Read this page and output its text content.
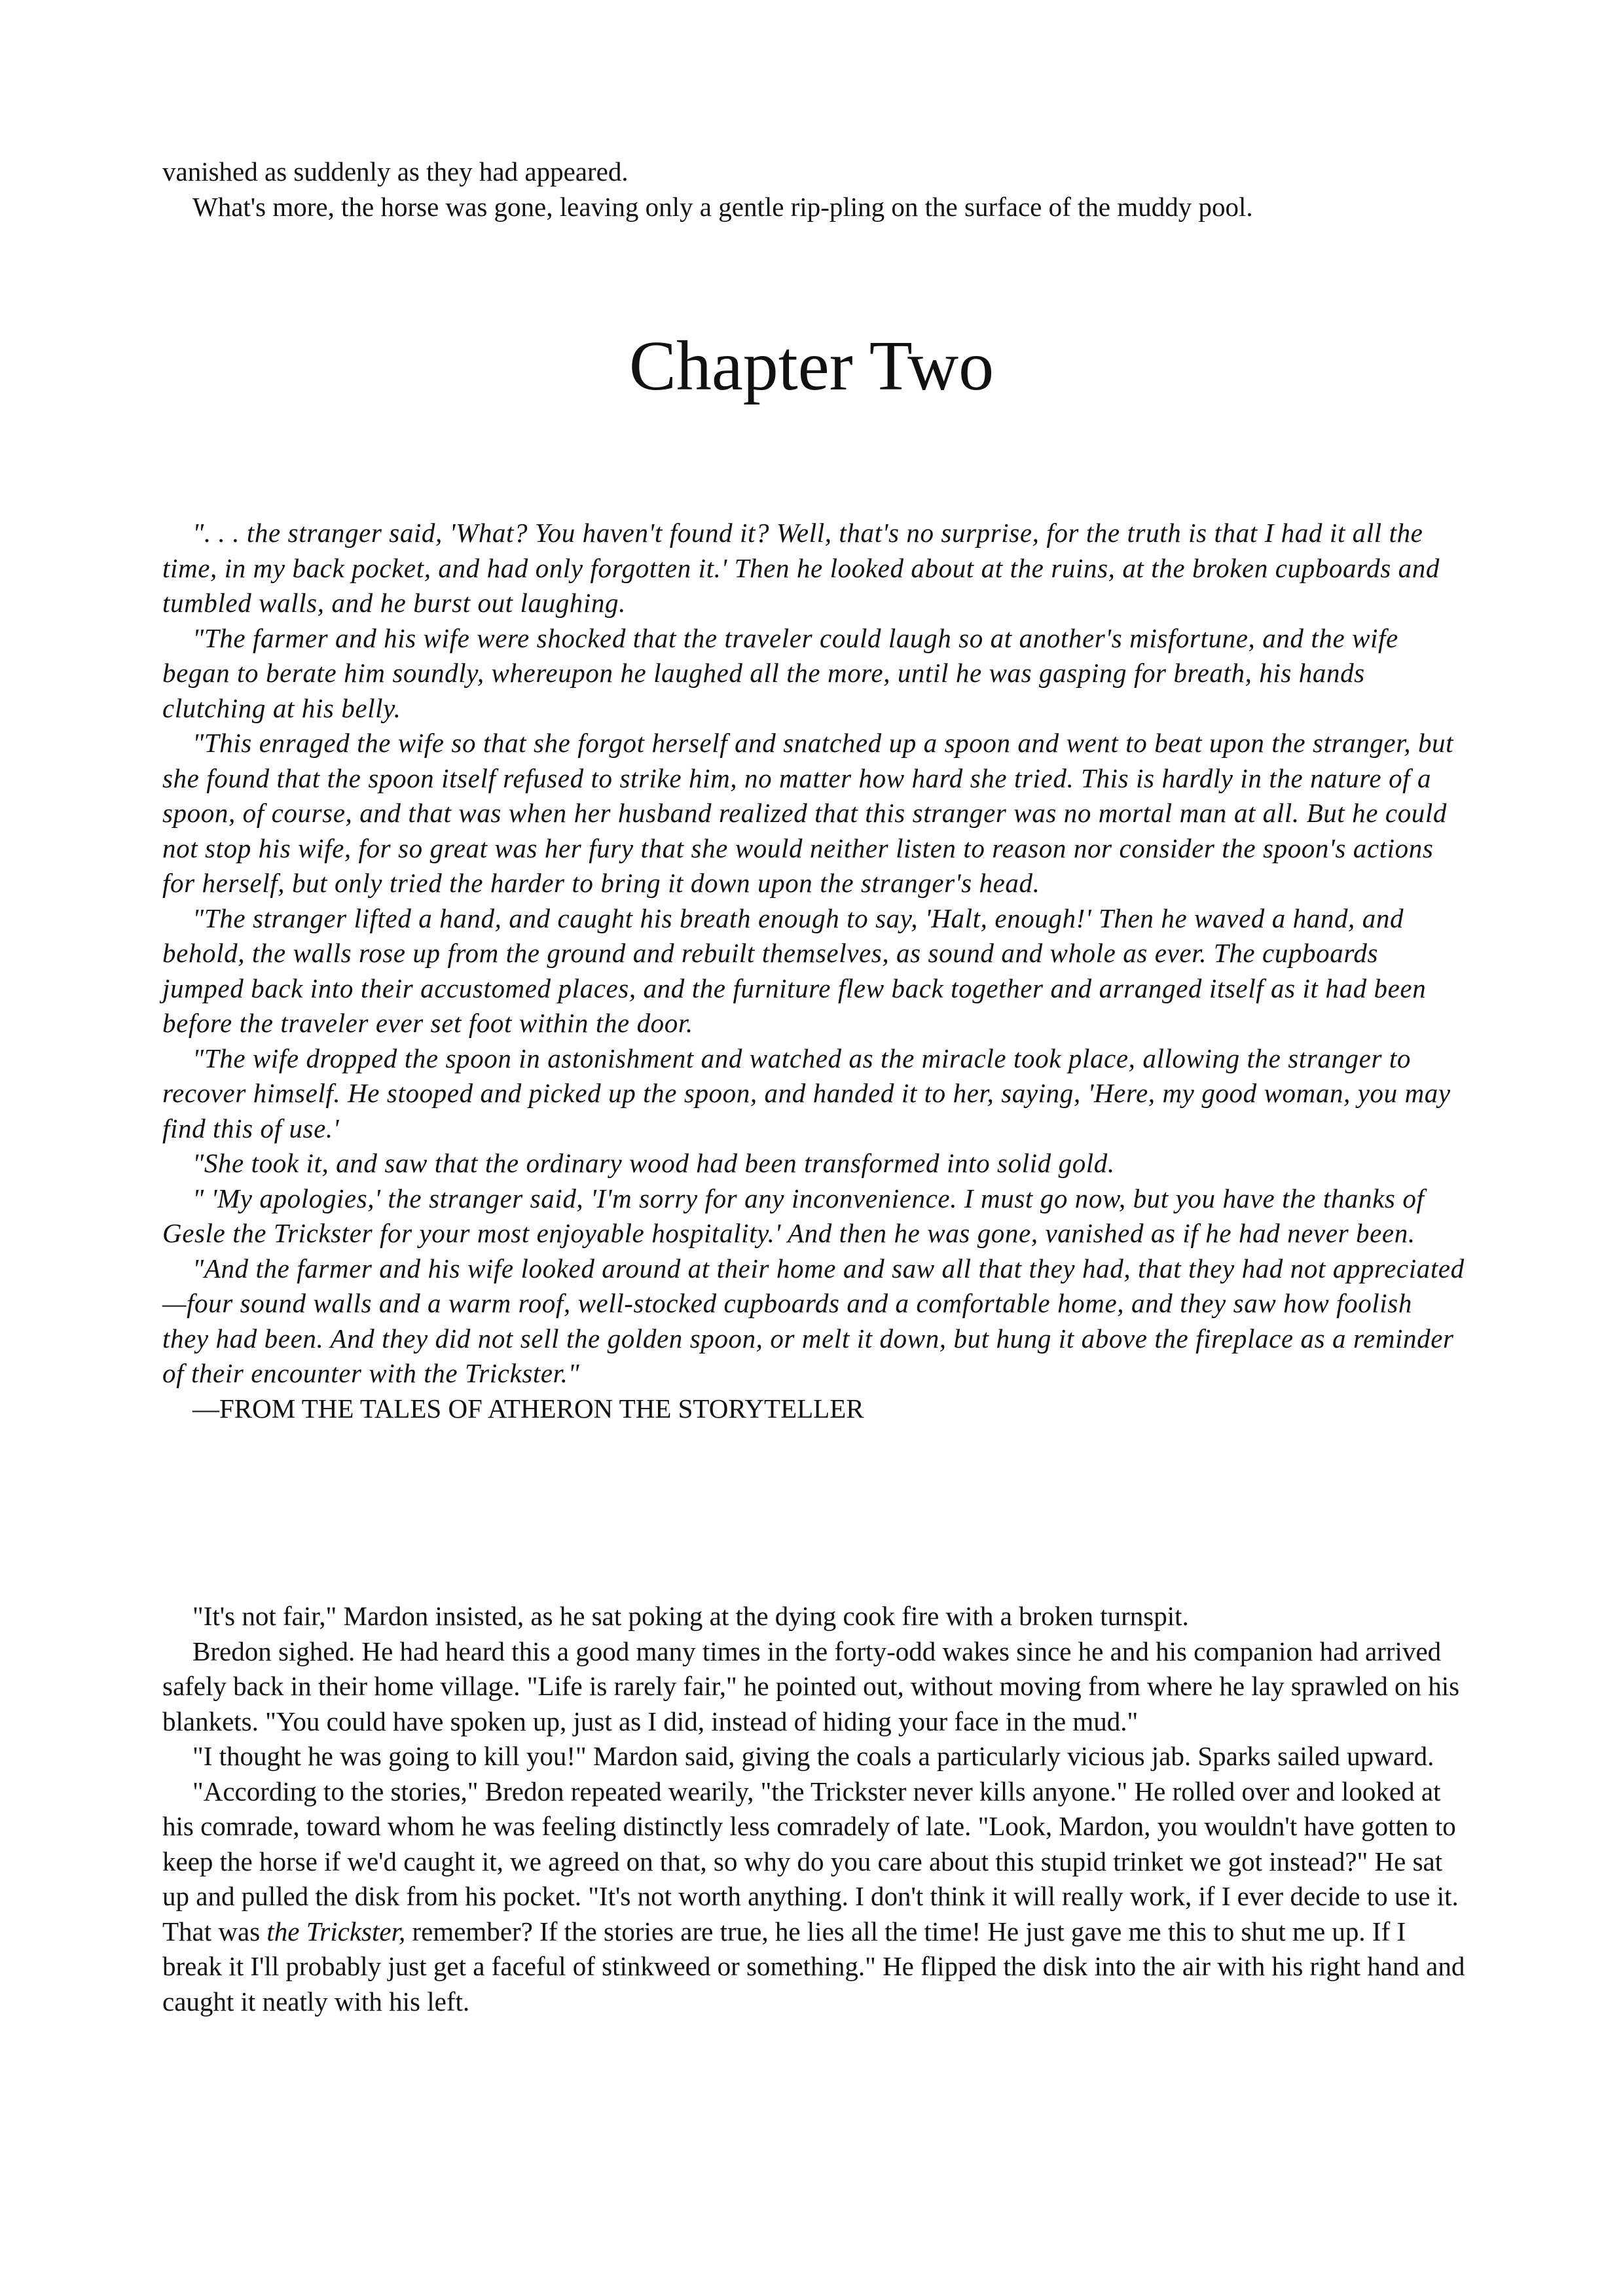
vanished as suddenly as they had appeared.

What's more, the horse was gone, leaving only a gentle rip-pling on the surface of the muddy pool.

Chapter Two

". . . the stranger said, 'What? You haven't found it? Well, that's no surprise, for the truth is that I had it all the time, in my back pocket, and had only forgotten it.' Then he looked about at the ruins, at the broken cupboards and tumbled walls, and he burst out laughing.

"The farmer and his wife were shocked that the traveler could laugh so at another's misfortune, and the wife began to berate him soundly, whereupon he laughed all the more, until he was gasping for breath, his hands clutching at his belly.

"This enraged the wife so that she forgot herself and snatched up a spoon and went to beat upon the stranger, but she found that the spoon itself refused to strike him, no matter how hard she tried. This is hardly in the nature of a spoon, of course, and that was when her husband realized that this stranger was no mortal man at all. But he could not stop his wife, for so great was her fury that she would neither listen to reason nor consider the spoon's actions for herself, but only tried the harder to bring it down upon the stranger's head.

"The stranger lifted a hand, and caught his breath enough to say, 'Halt, enough!' Then he waved a hand, and behold, the walls rose up from the ground and rebuilt themselves, as sound and whole as ever. The cupboards jumped back into their accustomed places, and the furniture flew back together and arranged itself as it had been before the traveler ever set foot within the door.

"The wife dropped the spoon in astonishment and watched as the miracle took place, allowing the stranger to recover himself. He stooped and picked up the spoon, and handed it to her, saying, 'Here, my good woman, you may find this of use.'

"She took it, and saw that the ordinary wood had been transformed into solid gold.

" 'My apologies,' the stranger said, 'I'm sorry for any inconvenience. I must go now, but you have the thanks of Gesle the Trickster for your most enjoyable hospitality.' And then he was gone, vanished as if he had never been.

"And the farmer and his wife looked around at their home and saw all that they had, that they had not appreciated—four sound walls and a warm roof, well-stocked cupboards and a comfortable home, and they saw how foolish they had been. And they did not sell the golden spoon, or melt it down, but hung it above the fireplace as a reminder of their encounter with the Trickster."

—FROM THE TALES OF ATHERON THE STORYTELLER

"It's not fair," Mardon insisted, as he sat poking at the dying cook fire with a broken turnspit.

Bredon sighed. He had heard this a good many times in the forty-odd wakes since he and his companion had arrived safely back in their home village. "Life is rarely fair," he pointed out, without moving from where he lay sprawled on his blankets. "You could have spoken up, just as I did, instead of hiding your face in the mud."

"I thought he was going to kill you!" Mardon said, giving the coals a particularly vicious jab. Sparks sailed upward.

"According to the stories," Bredon repeated wearily, "the Trickster never kills anyone." He rolled over and looked at his comrade, toward whom he was feeling distinctly less comradely of late. "Look, Mardon, you wouldn't have gotten to keep the horse if we'd caught it, we agreed on that, so why do you care about this stupid trinket we got instead?" He sat up and pulled the disk from his pocket. "It's not worth anything. I don't think it will really work, if I ever decide to use it. That was the Trickster, remember? If the stories are true, he lies all the time! He just gave me this to shut me up. If I break it I'll probably just get a faceful of stinkweed or something." He flipped the disk into the air with his right hand and caught it neatly with his left.
